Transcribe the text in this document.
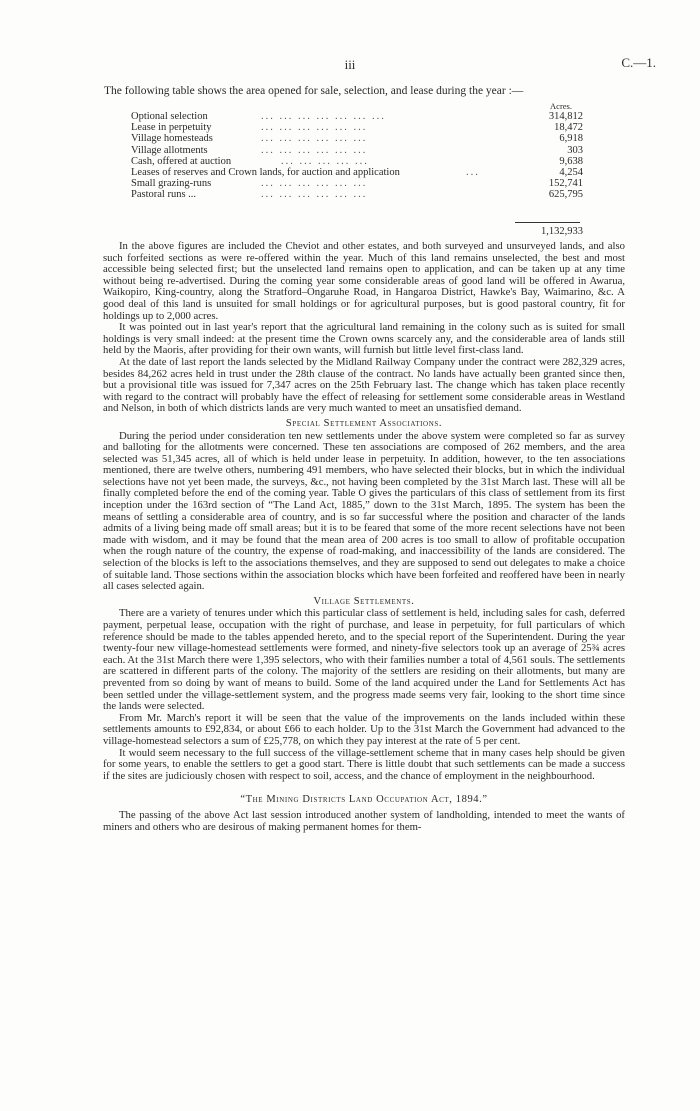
iii	C.—1.
The following table shows the area opened for sale, selection, and lease during the year :—
Acres.
Optional selection	... ... ... ... ... ... ...	314,812
Lease in perpetuity	... ... ... ... ... ...	18,472
Village homesteads	... ... ... ... ... ...	6,918
Village allotments	... ... ... ... ... ...	303
Cash, offered at auction	... ... ... ... ...	9,638
Leases of reserves and Crown lands, for auction and application	...	4,254
Small grazing-runs	... ... ... ... ... ...	152,741
Pastoral runs ...	... ... ... ... ... ...	625,795
1,132,933

In the above figures are included the Cheviot and other estates, and both surveyed and unsurveyed lands, and also such forfeited sections as were re-offered within the year. Much of this land remains unselected, the best and most accessible being selected first; but the unselected land remains open to application, and can be taken up at any time without being re-advertised. During the coming year some considerable areas of good land will be offered in Awarua, Waikopiro, King-country, along the Stratford–Ongaruhe Road, in Hangaroa District, Hawke's Bay, Waimarino, &c. A good deal of this land is unsuited for small holdings or for agricultural purposes, but is good pastoral country, fit for holdings up to 2,000 acres.

It was pointed out in last year's report that the agricultural land remaining in the colony such as is suited for small holdings is very small indeed: at the present time the Crown owns scarcely any, and the considerable area of lands still held by the Maoris, after providing for their own wants, will furnish but little level first-class land.

At the date of last report the lands selected by the Midland Railway Company under the contract were 282,329 acres, besides 84,262 acres held in trust under the 28th clause of the contract. No lands have actually been granted since then, but a provisional title was issued for 7,347 acres on the 25th February last. The change which has taken place recently with regard to the contract will probably have the effect of releasing for settlement some considerable areas in Westland and Nelson, in both of which districts lands are very much wanted to meet an unsatisfied demand.

Special Settlement Associations.

During the period under consideration ten new settlements under the above system were completed so far as survey and balloting for the allotments were concerned. These ten associations are composed of 262 members, and the area selected was 51,345 acres, all of which is held under lease in perpetuity. In addition, however, to the ten associations mentioned, there are twelve others, numbering 491 members, who have selected their blocks, but in which the individual selections have not yet been made, the surveys, &c., not having been completed by the 31st March last. These will all be finally completed before the end of the coming year. Table O gives the particulars of this class of settlement from its first inception under the 163rd section of “The Land Act, 1885,” down to the 31st March, 1895. The system has been the means of settling a considerable area of country, and is so far successful where the position and character of the lands admits of a living being made off small areas; but it is to be feared that some of the more recent selections have not been made with wisdom, and it may be found that the mean area of 200 acres is too small to allow of profitable occupation when the rough nature of the country, the expense of road-making, and inaccessibility of the lands are considered. The selection of the blocks is left to the associations themselves, and they are supposed to send out delegates to make a choice of suitable land. Those sections within the association blocks which have been forfeited and reoffered have been in nearly all cases selected again.

Village Settlements.

There are a variety of tenures under which this particular class of settlement is held, including sales for cash, deferred payment, perpetual lease, occupation with the right of purchase, and lease in perpetuity, for full particulars of which reference should be made to the tables appended hereto, and to the special report of the Superintendent. During the year twenty-four new village-homestead settlements were formed, and ninety-five selectors took up an average of 25¾ acres each. At the 31st March there were 1,395 selectors, who with their families number a total of 4,561 souls. The settlements are scattered in different parts of the colony. The majority of the settlers are residing on their allotments, but many are prevented from so doing by want of means to build. Some of the land acquired under the Land for Settlements Act has been settled under the village-settlement system, and the progress made seems very fair, looking to the short time since the lands were selected.

From Mr. March's report it will be seen that the value of the improvements on the lands included within these settlements amounts to £92,834, or about £66 to each holder. Up to the 31st March the Government had advanced to the village-homestead selectors a sum of £25,778, on which they pay interest at the rate of 5 per cent.

It would seem necessary to the full success of the village-settlement scheme that in many cases help should be given for some years, to enable the settlers to get a good start. There is little doubt that such settlements can be made a success if the sites are judiciously chosen with respect to soil, access, and the chance of employment in the neighbourhood.

“The Mining Districts Land Occupation Act, 1894.”

The passing of the above Act last session introduced another system of landholding, intended to meet the wants of miners and others who are desirous of making permanent homes for them-
